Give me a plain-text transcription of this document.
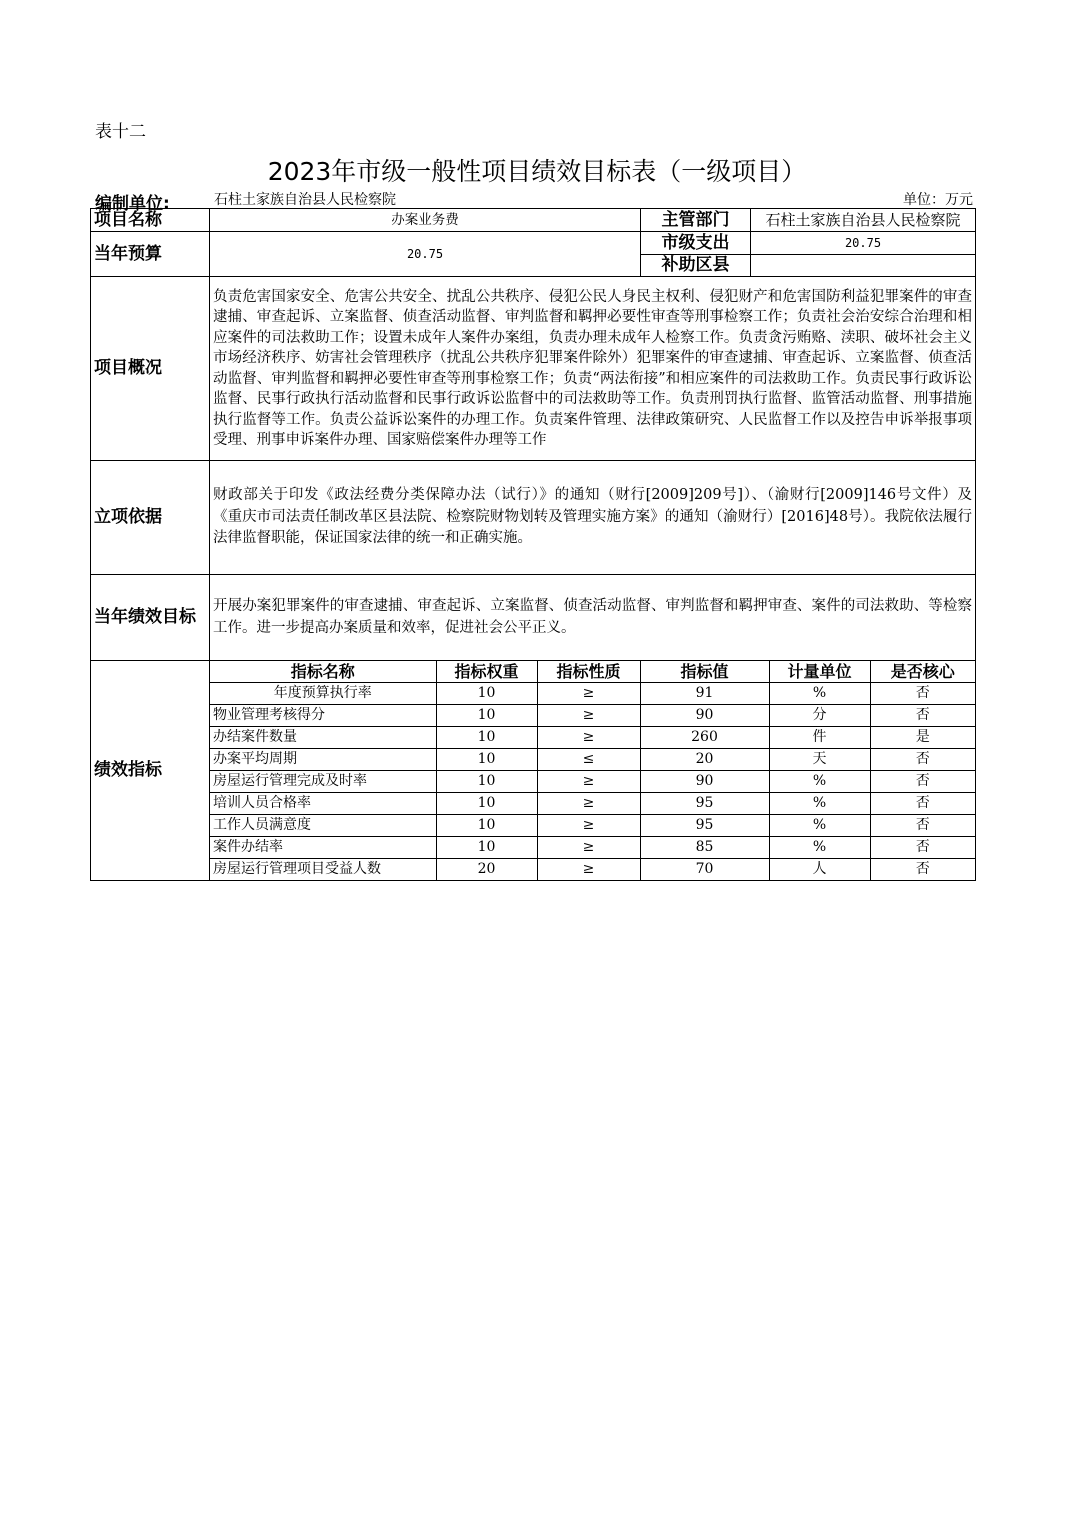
表十二
2023年市级一般性项目绩效目标表（一级项目）
编制单位:	石柱土家族自治县人民检察院	单位：万元
项目名称	办案业务费	主管部门	石柱土家族自治县人民检察院
当年预算	20.75	市级支出	20.75
补助区县	
项目概况	负责危害国家安全、危害公共安全、扰乱公共秩序、侵犯公民人身民主权利、侵犯财产和危害国防利益犯罪案件的审查逮捕、审查起诉、立案监督、侦查活动监督、审判监督和羁押必要性审查等刑事检察工作；负责社会治安综合治理和相应案件的司法救助工作；设置未成年人案件办案组，负责办理未成年人检察工作。负责贪污贿赂、渎职、破坏社会主义市场经济秩序、妨害社会管理秩序（扰乱公共秩序犯罪案件除外）犯罪案件的审查逮捕、审查起诉、立案监督、侦查活动监督、审判监督和羁押必要性审查等刑事检察工作；负责“两法衔接”和相应案件的司法救助工作。负责民事行政诉讼监督、民事行政执行活动监督和民事行政诉讼监督中的司法救助等工作。负责刑罚执行监督、监管活动监督、刑事措施执行监督等工作。负责公益诉讼案件的办理工作。负责案件管理、法律政策研究、人民监督工作以及控告申诉举报事项受理、刑事申诉案件办理、国家赔偿案件办理等工作
立项依据	财政部关于印发《政法经费分类保障办法（试行）》的通知（财行[2009]209号]）、（渝财行[2009]146号文件）及《重庆市司法责任制改革区县法院、检察院财物划转及管理实施方案》的通知（渝财行）[2016]48号）。我院依法履行法律监督职能，保证国家法律的统一和正确实施。
当年绩效目标	开展办案犯罪案件的审查逮捕、审查起诉、立案监督、侦查活动监督、审判监督和羁押审查、案件的司法救助、等检察工作。进一步提高办案质量和效率，促进社会公平正义。
绩效指标	
指标名称	指标权重	指标性质	指标值	计量单位	是否核心
年度预算执行率	10	≥	91	%	否
物业管理考核得分	10	≥	90	分	否
办结案件数量	10	≥	260	件	是
办案平均周期	10	≤	20	天	否
房屋运行管理完成及时率	10	≥	90	%	否
培训人员合格率	10	≥	95	%	否
工作人员满意度	10	≥	95	%	否
案件办结率	10	≥	85	%	否
房屋运行管理项目受益人数	20	≥	70	人	否
